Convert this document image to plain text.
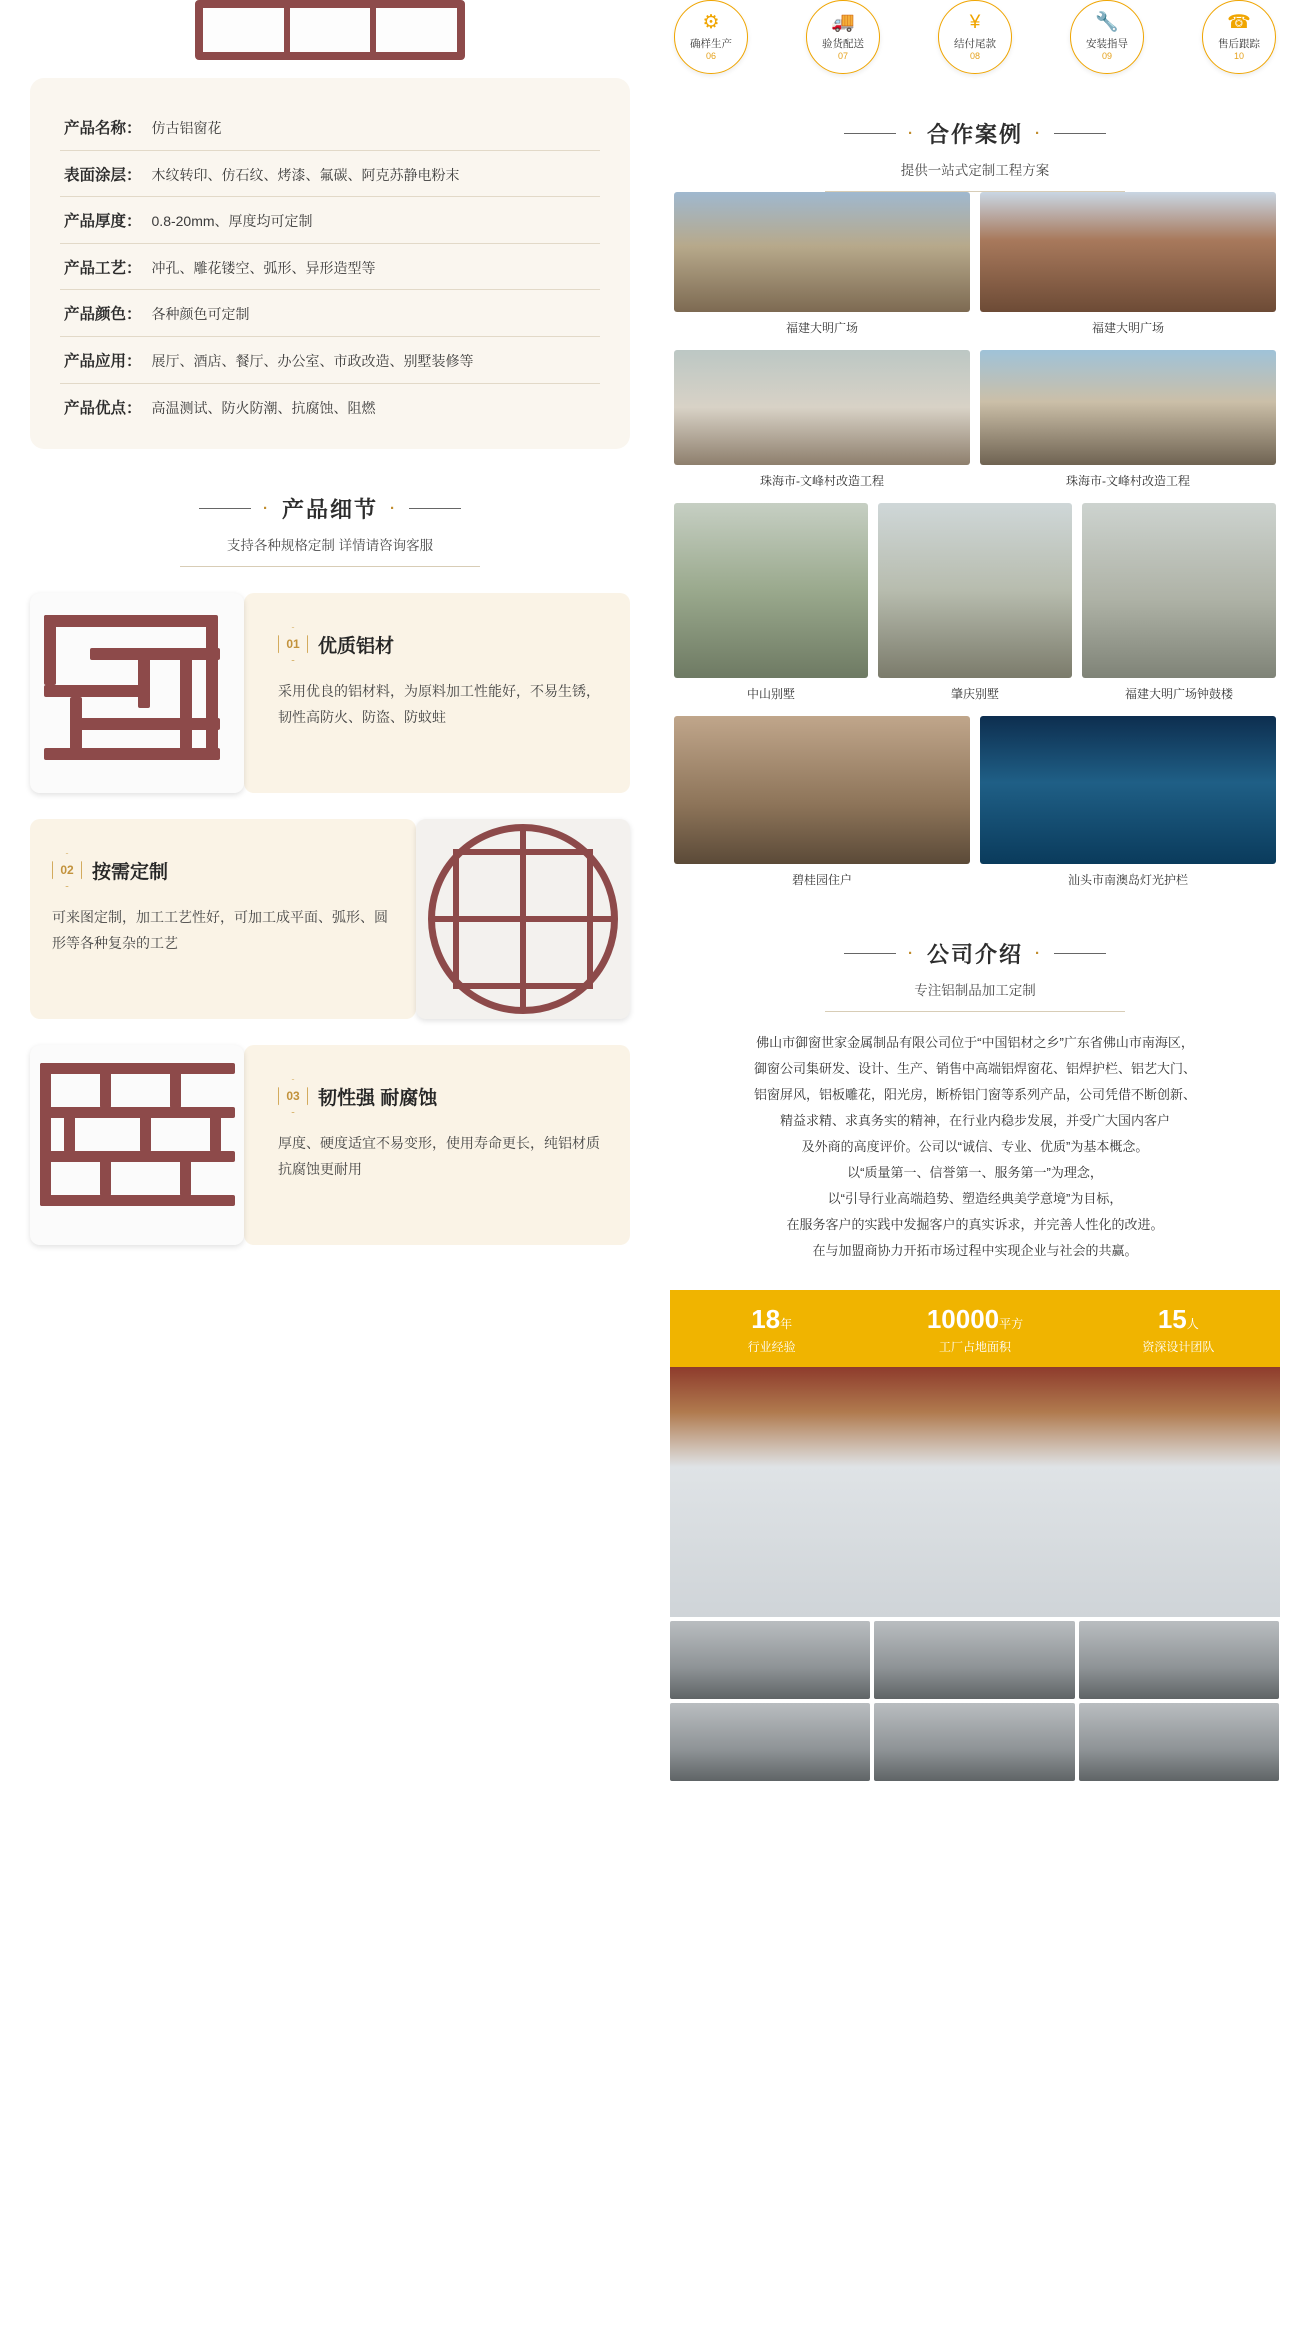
产品名称： 仿古铝窗花
表面涂层： 木纹转印、仿石纹、烤漆、氟碳、阿克苏静电粉末
产品厚度： 0.8-20mm、厚度均可定制
产品工艺： 冲孔、雕花镂空、弧形、异形造型等
产品颜色： 各种颜色可定制
产品应用： 展厅、酒店、餐厅、办公室、市政改造、别墅装修等
产品优点： 高温测试、防火防潮、抗腐蚀、阻燃
· 产品细节 ·
支持各种规格定制 详情请咨询客服
01 优质铝材
采用优良的铝材料，为原料加工性能好，不易生锈，韧性高防火、防盗、防蚊蛀
02 按需定制
可来图定制，加工工艺性好，可加工成平面、弧形、圆形等各种复杂的工艺
03 韧性强 耐腐蚀
厚度、硬度适宜不易变形，使用寿命更长，纯铝材质抗腐蚀更耐用
⚙
确样生产
06
🚚
验货配送
07
¥
结付尾款
08
🔧
安装指导
09
☎
售后跟踪
10
· 合作案例 ·
提供一站式定制工程方案
福建大明广场	福建大明广场
珠海市-文峰村改造工程	珠海市-文峰村改造工程
中山别墅	肇庆别墅	福建大明广场钟鼓楼
碧桂园住户	汕头市南澳岛灯光护栏
· 公司介绍 ·
专注铝制品加工定制
佛山市御窗世家金属制品有限公司位于“中国铝材之乡”广东省佛山市南海区，
御窗公司集研发、设计、生产、销售中高端铝焊窗花、铝焊护栏、铝艺大门、
铝窗屏风，铝板雕花，阳光房，断桥铝门窗等系列产品，公司凭借不断创新、
精益求精、求真务实的精神，在行业内稳步发展，并受广大国内客户
及外商的高度评价。公司以“诚信、专业、优质”为基本概念。
以“质量第一、信誉第一、服务第一”为理念，
以“引导行业高端趋势、塑造经典美学意境”为目标，
在服务客户的实践中发掘客户的真实诉求，并完善人性化的改进。
在与加盟商协力开拓市场过程中实现企业与社会的共赢。
18年
行业经验
10000平方
工厂占地面积
15人
资深设计团队
